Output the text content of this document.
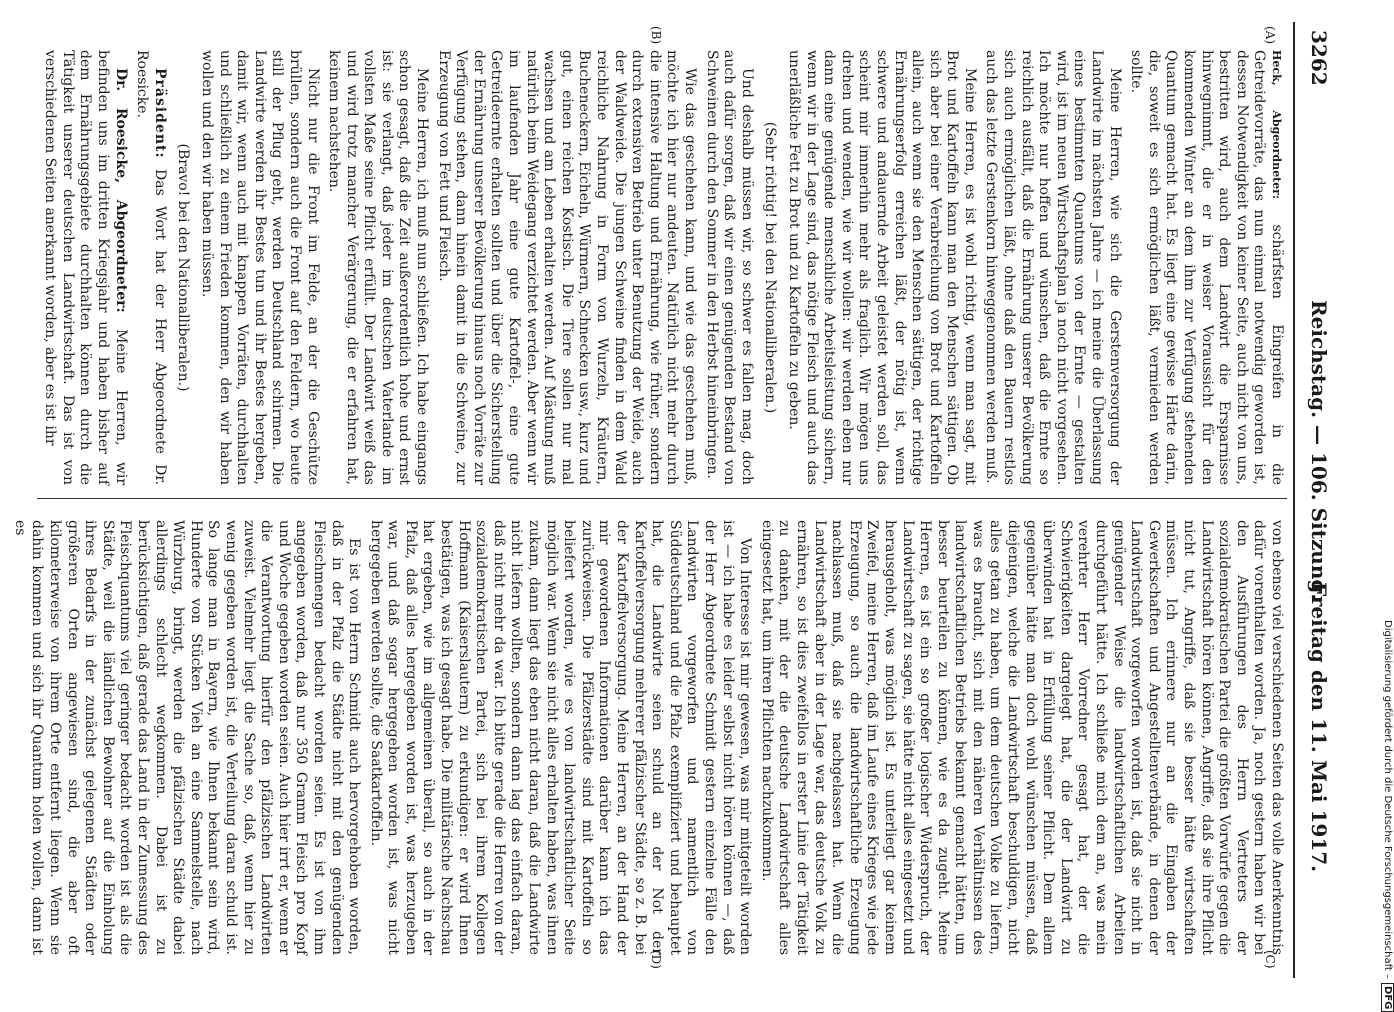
3262
Reichstag. — 106. Sitzung.
Freitag den 11. Mai 1917.
(A)
(B)
(C)
(D)

Heck, Abgeordneter: schärfsten Eingreifen in die Getreidevorräte, das nun einmal notwendig geworden ist, dessen Notwendigkeit von keiner Seite, auch nicht von uns, bestritten wird, auch dem Landwirt die Ersparnisse hinwegnimmt, die er in weiser Voraussicht für den kommenden Winter an dem ihm zur Verfügung stehenden Quantum gemacht hat. Es liegt eine gewisse Härte darin, die, soweit es sich ermöglichen läßt, vermieden werden sollte.

Meine Herren, wie sich die Gerstenversorgung der Landwirte im nächsten Jahre — ich meine die Überlassung eines bestimmten Quantums von der Ernte — gestalten wird, ist im neuen Wirtschaftsplan ja noch nicht vorgesehen. Ich möchte nur hoffen und wünschen, daß die Ernte so reichlich ausfällt, daß die Ernährung unserer Bevölkerung sich auch ermöglichen läßt, ohne daß den Bauern restlos auch das letzte Gerstenkorn hinweggenommen werden muß.

Meine Herren, es ist wohl richtig, wenn man sagt, mit Brot und Kartoffeln kann man den Menschen sättigen. Ob sich aber bei einer Verabreichung von Brot und Kartoffeln allein, auch wenn sie den Menschen sättigen, der richtige Ernährungserfolg erreichen läßt, der nötig ist, wenn schwere und andauernde Arbeit geleistet werden soll, das scheint mir immerhin mehr als fraglich. Wir mögen uns drehen und wenden, wie wir wollen: wir werden eben nur dann eine genügende menschliche Arbeitsleistung sichern, wenn wir in der Lage sind, das nötige Fleisch und auch das unerläßliche Fett zu Brot und zu Kartoffeln zu geben.

(Sehr richtig! bei den Nationalliberalen.)

Und deshalb müssen wir, so schwer es fallen mag, doch auch dafür sorgen, daß wir einen genügenden Bestand von Schweinen durch den Sommer in den Herbst hineinbringen.

Wie das geschehen kann, und wie das geschehen muß, möchte ich hier nur andeuten. Natürlich nicht mehr durch die intensive Haltung und Ernährung, wie früher, sondern durch extensiven Betrieb unter Benutzung der Weide, auch der Waldweide. Die jungen Schweine finden in dem Wald reichliche Nahrung in Form von Wurzeln, Kräutern, Bucheneckern, Eicheln, Würmern, Schnecken usw., kurz und gut, einen reichen Kostisch. Die Tiere sollen nur mal wachsen und am Leben erhalten werden. Auf Mästung muß natürlich beim Weidegang verzichtet werden. Aber wenn wir im laufenden Jahr eine gute Kartoffel-, eine gute Getreideernte erhalten sollten und über die Sicherstellung der Ernährung unserer Bevölkerung hinaus noch Vorräte zur Verfügung stehen, dann hinein damit in die Schweine, zur Erzeugung von Fett und Fleisch.

Meine Herren, ich muß nun schließen. Ich habe eingangs schon gesagt, daß die Zeit außerordentlich hohe und ernst ist: sie verlangt, daß jeder im deutschen Vaterlande im vollsten Maße seine Pflicht erfüllt. Der Landwirt weiß das und wird trotz mancher Verärgerung, die er erfahren hat, keinem nachstehen.

Nicht nur die Front im Felde, an der die Geschütze brüllen, sondern auch die Front auf den Feldern, wo heute still der Pflug geht, werden Deutschland schirmen. Die Landwirte werden ihr Bestes tun und ihr Bestes hergeben, damit wir, wenn auch mit knappen Vorräten, durchhalten und schließlich zu einem Frieden kommen, den wir haben wollen und den wir haben müssen.

(Bravo! bei den Nationalliberalen.)

Präsident: Das Wort hat der Herr Abgeordnete Dr. Roesicke.

Dr. Roesicke, Abgeordneter: Meine Herren, wir befinden uns im dritten Kriegsjahr und haben bisher auf dem Ernährungsgebiete durchhalten können durch die Tätigkeit unserer deutschen Landwirtschaft. Das ist von verschiedenen Seiten anerkannt worden, aber es ist ihr

von ebenso viel verschiedenen Seiten das volle Anerkenntnis dafür vorenthalten worden. Ja, noch gestern haben wir bei den Ausführungen des Herrn Vertreters der sozialdemokratischen Partei die größten Vorwürfe gegen die Landwirtschaft hören können, Angriffe, daß sie ihre Pflicht nicht tut, Angriffe, daß sie besser hätte wirtschaften müssen. Ich erinnere nur an die Eingaben der Gewerkschaften und Angestelltenverbände, in denen der Landwirtschaft vorgeworfen worden ist, daß sie nicht in genügender Weise die landwirtschaftlichen Arbeiten durchgeführt hätte. Ich schließe mich dem an, was mein verehrter Herr Vorredner gesagt hat, der die Schwierigkeiten dargelegt hat, die der Landwirt zu überwinden hat in Erfüllung seiner Pflicht. Dem allem gegenüber hätte man doch wohl wünschen müssen, daß diejenigen, welche die Landwirtschaft beschuldigen, nicht alles getan zu haben, um dem deutschen Volke zu liefern, was es braucht, sich mit den näheren Verhältnissen des landwirtschaftlichen Betriebs bekannt gemacht hätten, um besser beurteilen zu können, wie es da zugeht. Meine Herren, es ist ein so großer logischer Widerspruch, der Landwirtschaft zu sagen, sie hätte nicht alles eingesetzt und herausgeholt, was möglich ist. Es unterliegt gar keinem Zweifel, meine Herren, daß im Laufe eines Krieges wie jede Erzeugung, so auch die landwirtschaftliche Erzeugung nachlassen muß, daß sie nachgelassen hat. Wenn die Landwirtschaft aber in der Lage war, das deutsche Volk zu ernähren, so ist dies zweifellos in erster Linie der Tätigkeit zu danken, mit der die deutsche Landwirtschaft alles eingesetzt hat, um ihren Pflichten nachzukommen.

Von Interesse ist mir gewesen, was mir mitgeteilt worden ist — ich habe es leider selbst nicht hören können —, daß der Herr Abgeordnete Schmidt gestern einzelne Fälle den Landwirten vorgeworfen und namentlich von Süddeutschland und die Pfalz exemplifiziert und behauptet hat, die Landwirte seien schuld an der Not der Kartoffelversorgung mehrerer pfälzischer Städte, so z. B. bei der Kartoffelversorgung. Meine Herren, an der Hand der mir gewordenen Informationen darüber kann ich das zurückweisen. Die Pfälzerstädte sind mit Kartoffeln so beliefert worden, wie es von landwirtschaftlicher Seite möglich war. Wenn sie nicht alles erhalten haben, was ihnen zukam, dann liegt das eben nicht daran, daß die Landwirte nicht liefern wollten, sondern dann lag das einfach daran, daß nicht mehr da war. Ich bitte gerade die Herren von der sozialdemokratischen Partei, sich bei ihrem Kollegen Hoffmann (Kaiserslautern) zu erkundigen: er wird Ihnen bestätigen, was ich gesagt habe. Die militärische Nachschau hat ergeben, wie im allgemeinen überall, so auch in der Pfalz, daß alles hergegeben worden ist, was herzugeben war, und daß sogar hergegeben worden ist, was nicht hergegeben werden sollte, die Saatkartoffeln.

Es ist von Herrn Schmidt auch hervorgehoben worden, daß in der Pfalz die Städte nicht mit den genügenden Fleischmengen bedacht worden seien. Es ist von ihm angegeben worden, daß nur 350 Gramm Fleisch pro Kopf und Woche gegeben worden seien. Auch hier irrt er, wenn er die Verantwortung hierfür den pfälzischen Landwirten zuweist. Vielmehr liegt die Sache so, daß, wenn hier zu wenig gegeben worden ist, die Verteilung daran schuld ist. So lange man in Bayern, wie Ihnen bekannt sein wird, Hunderte von Stücken Vieh an eine Sammelstelle, nach Würzburg, bringt, werden die pfälzischen Städte dabei allerdings schlecht wegkommen. Dabei ist zu berücksichtigen, daß gerade das Land in der Zumessung des Fleischquantums viel geringer bedacht worden ist als die Städte, weil die ländlichen Bewohner auf die Einholung ihres Bedarfs in der zunächst gelegenen Städten oder größeren Orten angewiesen sind, die aber oft kilometerweise von ihrem Orte entfernt liegen. Wenn sie dahin kommen und sich ihr Quantum holen wollen, dann ist es

Digitalisierung gefördert durch die Deutsche Forschungsgemeinschaft –DFG
